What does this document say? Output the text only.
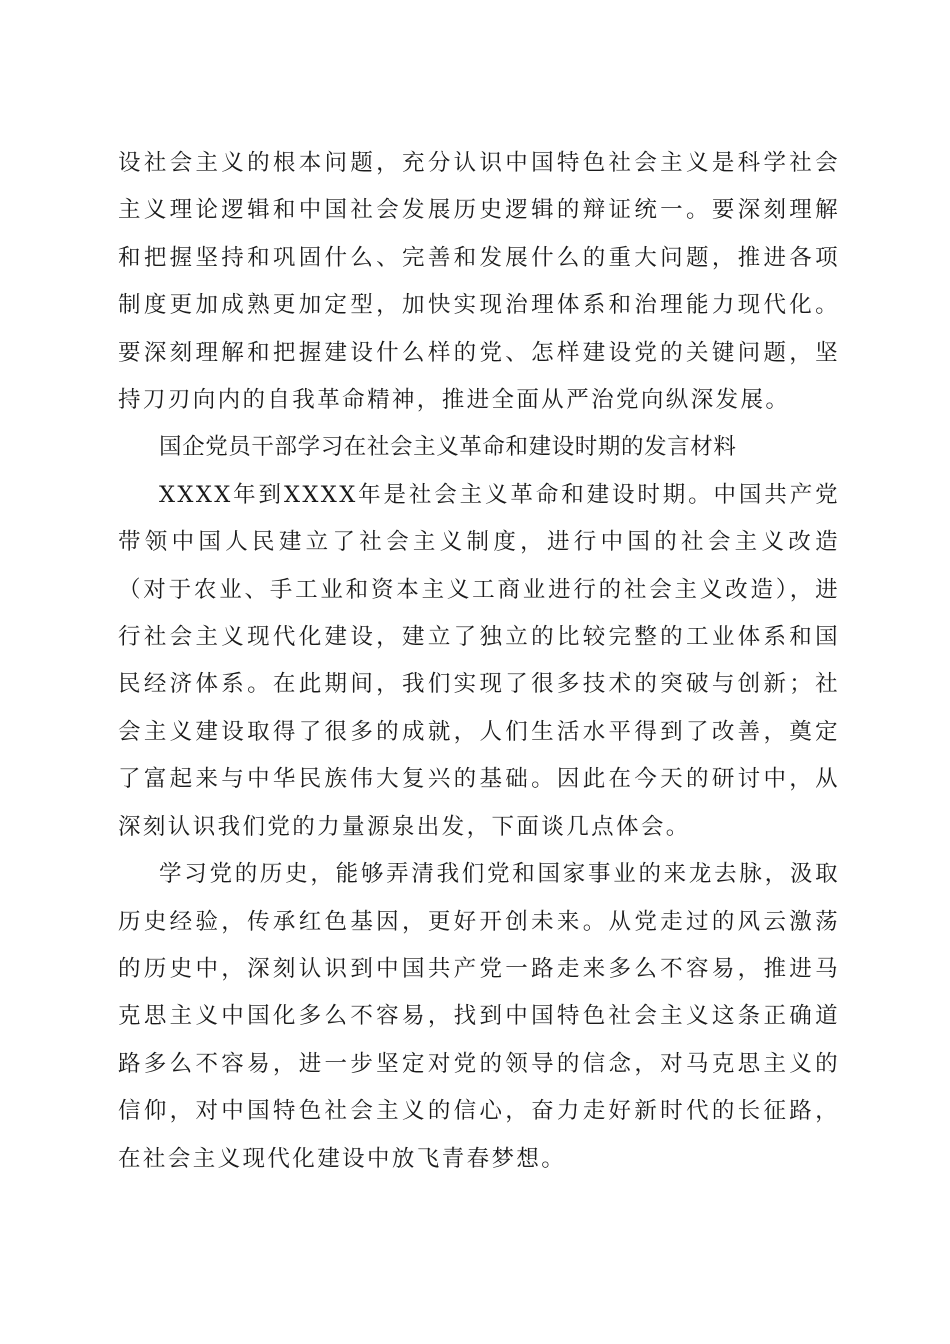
设社会主义的根本问题，充分认识中国特色社会主义是科学社会主义理论逻辑和中国社会发展历史逻辑的辩证统一。要深刻理解和把握坚持和巩固什么、完善和发展什么的重大问题，推进各项制度更加成熟更加定型，加快实现治理体系和治理能力现代化。要深刻理解和把握建设什么样的党、怎样建设党的关键问题，坚持刀刃向内的自我革命精神，推进全面从严治党向纵深发展。

国企党员干部学习在社会主义革命和建设时期的发言材料

XXXX年到XXXX年是社会主义革命和建设时期。中国共产党带领中国人民建立了社会主义制度，进行中国的社会主义改造（对于农业、手工业和资本主义工商业进行的社会主义改造），进行社会主义现代化建设，建立了独立的比较完整的工业体系和国民经济体系。在此期间，我们实现了很多技术的突破与创新；社会主义建设取得了很多的成就，人们生活水平得到了改善，奠定了富起来与中华民族伟大复兴的基础。因此在今天的研讨中，从深刻认识我们党的力量源泉出发，下面谈几点体会。

学习党的历史，能够弄清我们党和国家事业的来龙去脉，汲取历史经验，传承红色基因，更好开创未来。从党走过的风云激荡的历史中，深刻认识到中国共产党一路走来多么不容易，推进马克思主义中国化多么不容易，找到中国特色社会主义这条正确道路多么不容易，进一步坚定对党的领导的信念，对马克思主义的信仰，对中国特色社会主义的信心，奋力走好新时代的长征路，在社会主义现代化建设中放飞青春梦想。
